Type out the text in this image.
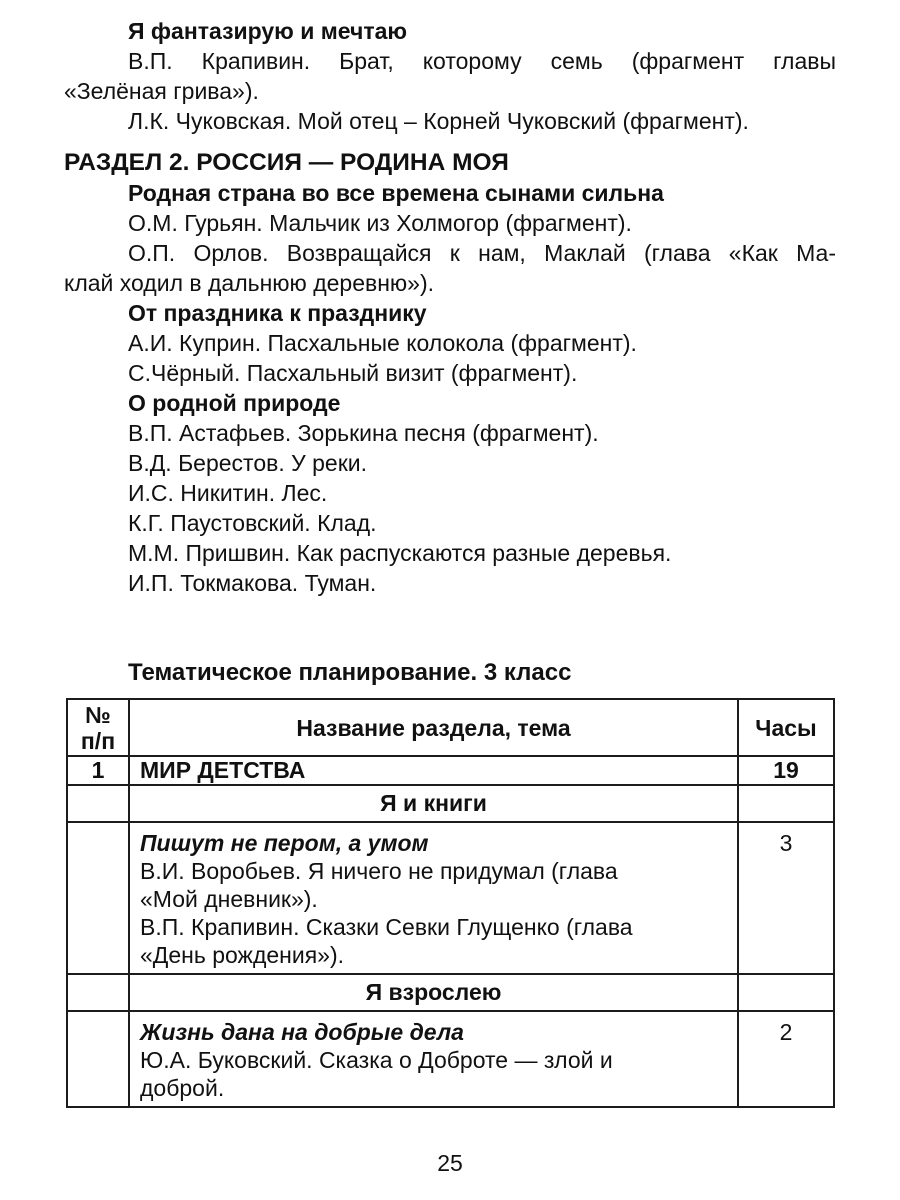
Я фантазирую и мечтаю
В.П. Крапивин. Брат, которому семь (фрагмент главы
«Зелёная грива»).
Л.К. Чуковская. Мой отец – Корней Чуковский (фрагмент).
РАЗДЕЛ 2. РОССИЯ — РОДИНА МОЯ
Родная страна во все времена сынами сильна
О.М. Гурьян. Мальчик из Холмогор (фрагмент).
О.П. Орлов. Возвращайся к нам, Маклай (глава «Как Ма-
клай ходил в дальнюю деревню»).
От праздника к празднику
А.И. Куприн. Пасхальные колокола (фрагмент).
С.Чёрный. Пасхальный визит (фрагмент).
О родной природе
В.П. Астафьев. Зорькина песня (фрагмент).
В.Д. Берестов. У реки.
И.С. Никитин. Лес.
К.Г. Паустовский. Клад.
М.М. Пришвин. Как распускаются разные деревья.
И.П. Токмакова. Туман.
Тематическое планирование. 3 класс
№
п/п	Название раздела, тема	Часы
1	МИР ДЕТСТВА	19
	Я и книги	

	Пишут не пером, а умом
В.И. Воробьев. Я ничего не придумал (глава
«Мой дневник»).
В.П. Крапивин. Сказки Севки Глущенко (глава
«День рождения»).	3
	Я взрослею	

	Жизнь дана на добрые дела
Ю.А. Буковский. Сказка о Доброте — злой и
доброй.	2
25
